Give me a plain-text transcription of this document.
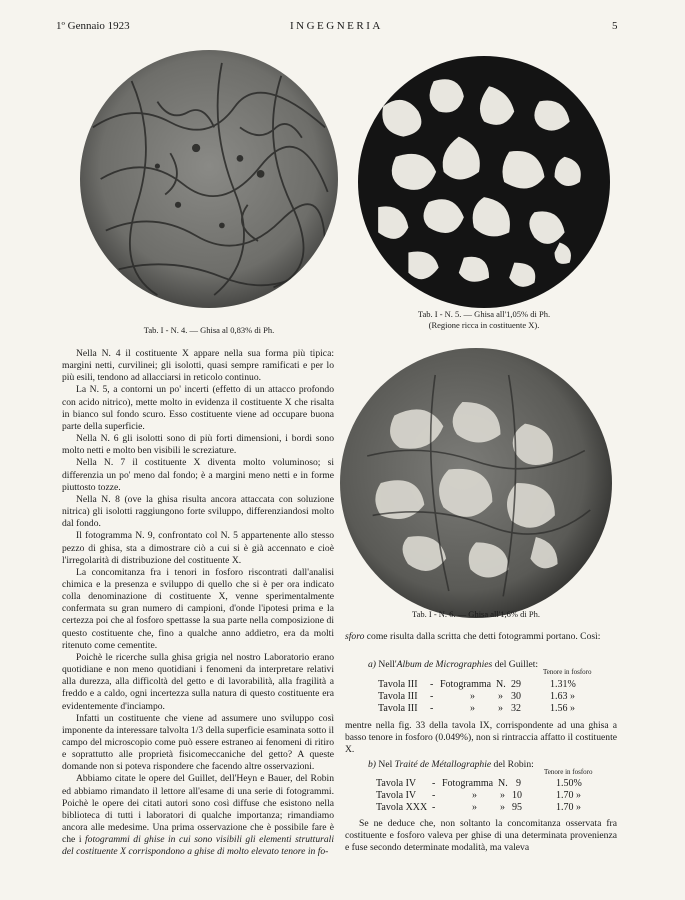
1º Gennaio 1923	INGEGNERIA	5
Tab. I - N. 4. — Ghisa al 0,83% di Ph.
Tab. I - N. 5. — Ghisa all'1,05% di Ph.
(Regione ricca in costituente X).
Tab. I - N. 6. — Ghisa all'1,6% di Ph.

Nella N. 4 il costituente X appare nella sua forma più tipica: margini netti, curvilinei; gli isolotti, quasi sempre ramificati e per lo più esili, tendono ad allacciarsi in reticolo continuo.

La N. 5, a contorni un po' incerti (effetto di un attacco profondo con acido nitrico), mette molto in evidenza il costituente X che risalta in bianco sul fondo scuro. Esso costituente viene ad occupare buona parte della superficie.

Nella N. 6 gli isolotti sono di più forti dimensioni, i bordi sono molto netti e molto ben visibili le screziature.

Nella N. 7 il costituente X diventa molto voluminoso; si differenzia un po' meno dal fondo; è a margini meno netti e in forme piuttosto tozze.

Nella N. 8 (ove la ghisa risulta ancora attaccata con soluzione nitrica) gli isolotti raggiungono forte sviluppo, differenziandosi molto dal fondo.

Il fotogramma N. 9, confrontato col N. 5 appartenente allo stesso pezzo di ghisa, sta a dimostrare ciò a cui si è già accennato e cioè l'irregolarità di distribuzione del costituente X.

La concomitanza fra i tenori in fosforo riscontrati dall'analisi chimica e la presenza e sviluppo di quello che si è per ora indicato colla denominazione di costituente X, venne sperimentalmente confermata su gran numero di campioni, d'onde l'ipotesi prima e la certezza poi che al fosforo spettasse la sua parte nella composizione di questo costituente che, fino a qualche anno addietro, era da molti ritenuto come cementite.

Poichè le ricerche sulla ghisa grigia nel nostro Laboratorio erano quotidiane e non meno quotidiani i fenomeni da interpretare relativi alla durezza, alla difficoltà del getto e di lavorabilità, alla fragilità a freddo e a caldo, ogni incertezza sulla natura di questo costituente era evidentemente d'inciampo.

Infatti un costituente che viene ad assumere uno sviluppo così imponente da interessare talvolta 1/3 della superficie esaminata sotto il campo del microscopio come può essere estraneo ai fenomeni di ritiro e soprattutto alle proprietà fisicomeccaniche del getto? A queste domande non si poteva rispondere che facendo altre osservazioni.

Abbiamo citate le opere del Guillet, dell'Heyn e Bauer, del Robin ed abbiamo rimandato il lettore all'esame di una serie di fotogrammi. Poichè le opere dei citati autori sono così diffuse che esistono nella biblioteca di tutti i laboratori di qualche importanza; rimandiamo ancora alle medesime. Una prima osservazione che è possibile fare è che i fotogrammi di ghise in cui sono visibili gli elementi strutturali del costituente X corrispondono a ghise di molto elevato tenore in fo-

sforo come risulta dalla scritta che detti fotogrammi portano. Così:

a) Nell'Album de Micrographies del Guillet:
Tenore in fosforo
Tavola III - Fotogramma N. 29	1.31%
Tavola III -	» » 30	1.63 »
Tavola III -	» » 32	1.56 »

mentre nella fig. 33 della tavola IX, corrispondente ad una ghisa a basso tenore in fosforo (0.049%), non si rintraccia affatto il costituente X.

b) Nel Traité de Métallographie del Robin:
Tenore in fosforo
Tavola IV - Fotogramma N. 9	1.50%
Tavola IV -	» » 10	1.70 »
Tavola XXX -	» » 95	1.70 »

Se ne deduce che, non soltanto la concomitanza osservata fra costituente e fosforo valeva per ghise di una determinata provenienza e fuse secondo determinate modalità, ma valeva
